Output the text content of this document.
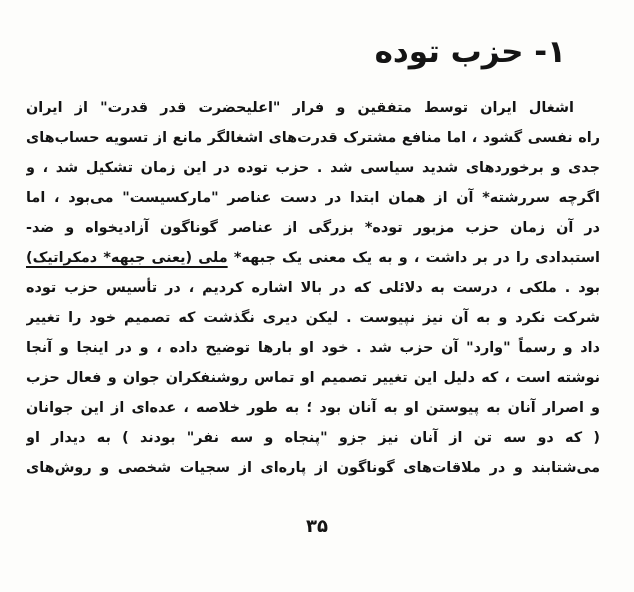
۱- حزب توده
اشغال ایران توسط متفقین و فرار "اعلیحضرت قدر قدرت" از ایران
راه نفسی گشود ، اما منافع مشترک قدرت‌های اشغالگر مانع از تسویه حساب‌های
جدی و برخوردهای شدید سیاسی شد . حزب توده در این زمان تشکیل شد ، و
اگرچه سررشته* آن از همان ابتدا در دست عناصر "مارکسیست" می‌بود ، اما
در آن زمان حزب مزبور توده* بزرگی از عناصر گوناگون آزادیخواه و ضد-
استبدادی را در بر داشت ، و به یک معنی یک جبهه* ملی (یعنی جبهه* دمکراتیک)
بود . ملکی ، درست به دلائلی که در بالا اشاره کردیم ، در تأسیس حزب توده
شرکت نکرد و به آن نیز نپیوست . لیکن دیری نگذشت که تصمیم خود را تغییر
داد و رسماً "وارد" آن حزب شد . خود او بارها توضیح داده ، و در اینجا و آنجا
نوشته است ، که دلیل این تغییر تصمیم او تماس روشنفکران جوان و فعال حزب
و اصرار آنان به پیوستن او به آنان بود ؛ به طور خلاصه ، عده‌ای از این جوانان
( که دو سه تن از آنان نیز جزو "پنجاه و سه نفر" بودند ) به دیدار او
می‌شتابند و در ملاقات‌های گوناگون از پاره‌ای از سجیات شخصی و روش‌های
۳۵
